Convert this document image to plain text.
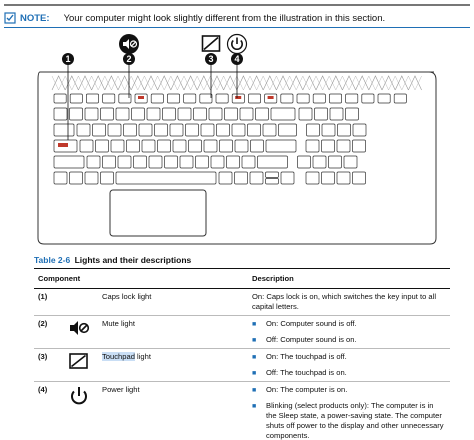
NOTE: Your computer might look slightly different from the illustration in this section.
1	2	3 4
Table 2-6 Lights and their descriptions
Component			Description
(1)		Caps lock light	On: Caps lock is on, which switches the key input to all capital letters.

(2)		Mute light	■ On: Computer sound is off.
■ Off: Computer sound is on.

(3)		Touchpad light	■ On: The touchpad is off.
■ Off: The touchpad is on.

(4)		Power light	■ On: The computer is on.
■ Blinking (select products only): The computer is in the Sleep state, a power-saving state. The computer shuts off power to the display and other unnecessary components.
